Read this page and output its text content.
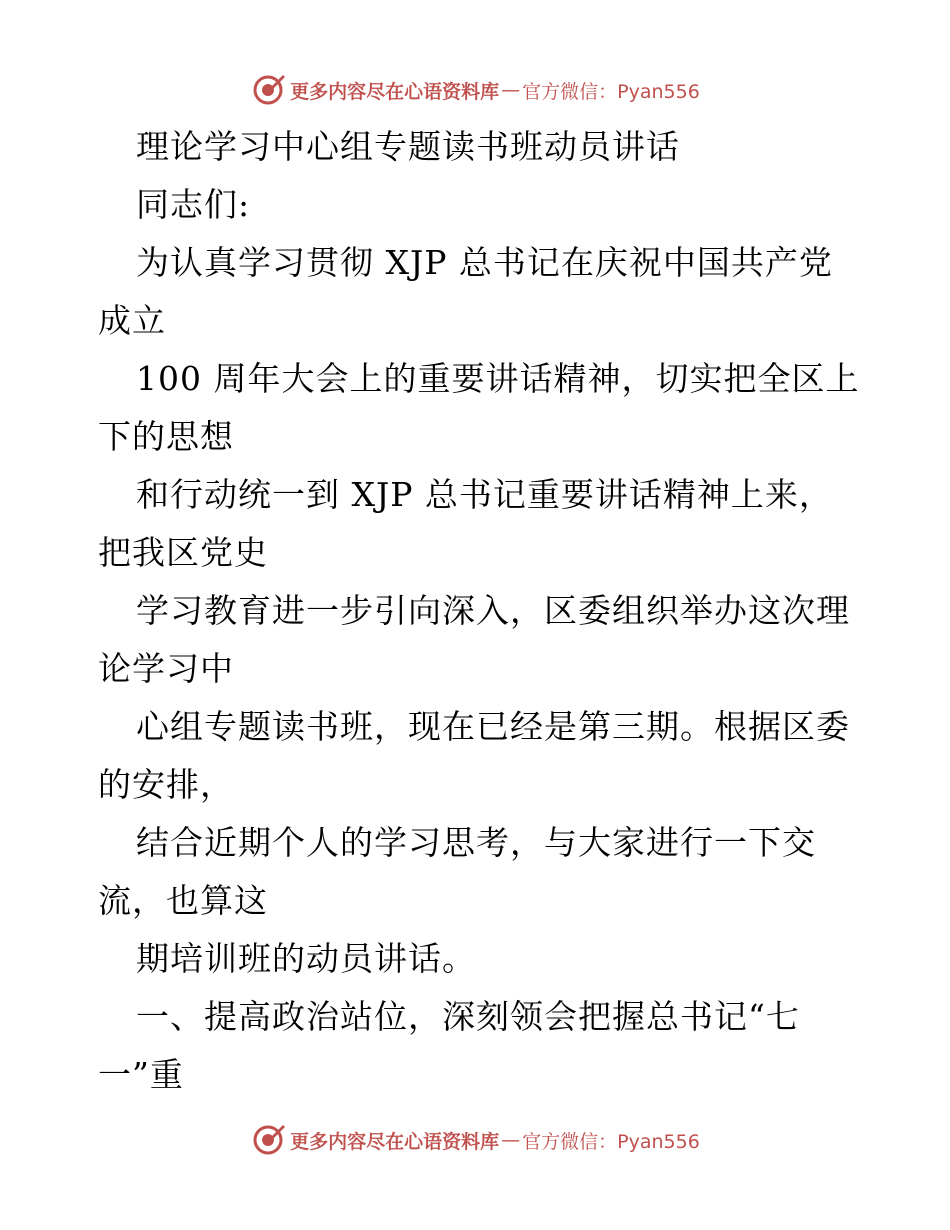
更多内容尽在心语资料库 — 官方微信：Pyan556
理论学习中心组专题读书班动员讲话
同志们:
为认真学习贯彻 XJP 总书记在庆祝中国共产党
成立
100 周年大会上的重要讲话精神，切实把全区上
下的思想
和行动统一到 XJP 总书记重要讲话精神上来，
把我区党史
学习教育进一步引向深入，区委组织举办这次理
论学习中
心组专题读书班，现在已经是第三期。根据区委
的安排，
结合近期个人的学习思考，与大家进行一下交
流，也算这
期培训班的动员讲话。
一、提高政治站位，深刻领会把握总书记“七
一”重
更多内容尽在心语资料库 — 官方微信：Pyan556
